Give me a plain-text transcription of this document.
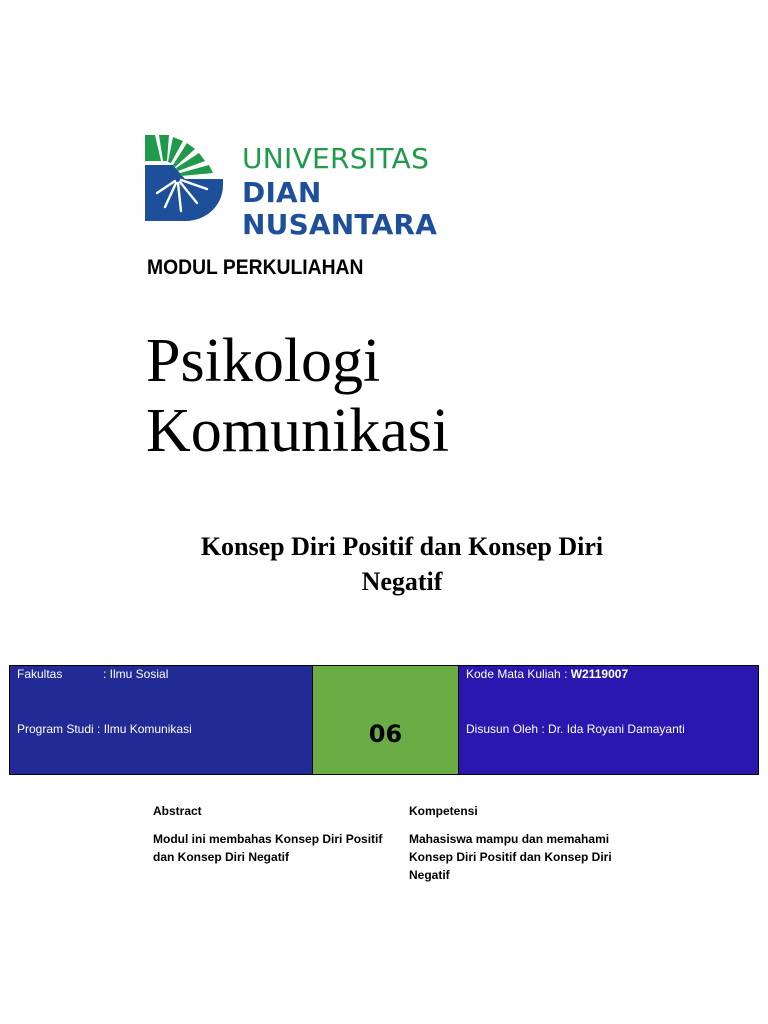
UNIVERSITAS
DIAN NUSANTARA
MODUL PERKULIAHAN
Psikologi
Komunikasi
Konsep Diri Positif dan Konsep Diri
Negatif
Fakultas	: Ilmu Sosial
Program Studi : Ilmu Komunikasi	06
Kode Mata Kuliah : W2119007
Disusun Oleh : Dr. Ida Royani Damayanti
Abstract
Modul ini membahas Konsep Diri Positif
dan Konsep Diri Negatif
Kompetensi
Mahasiswa mampu dan memahami
Konsep Diri Positif dan Konsep Diri
Negatif
